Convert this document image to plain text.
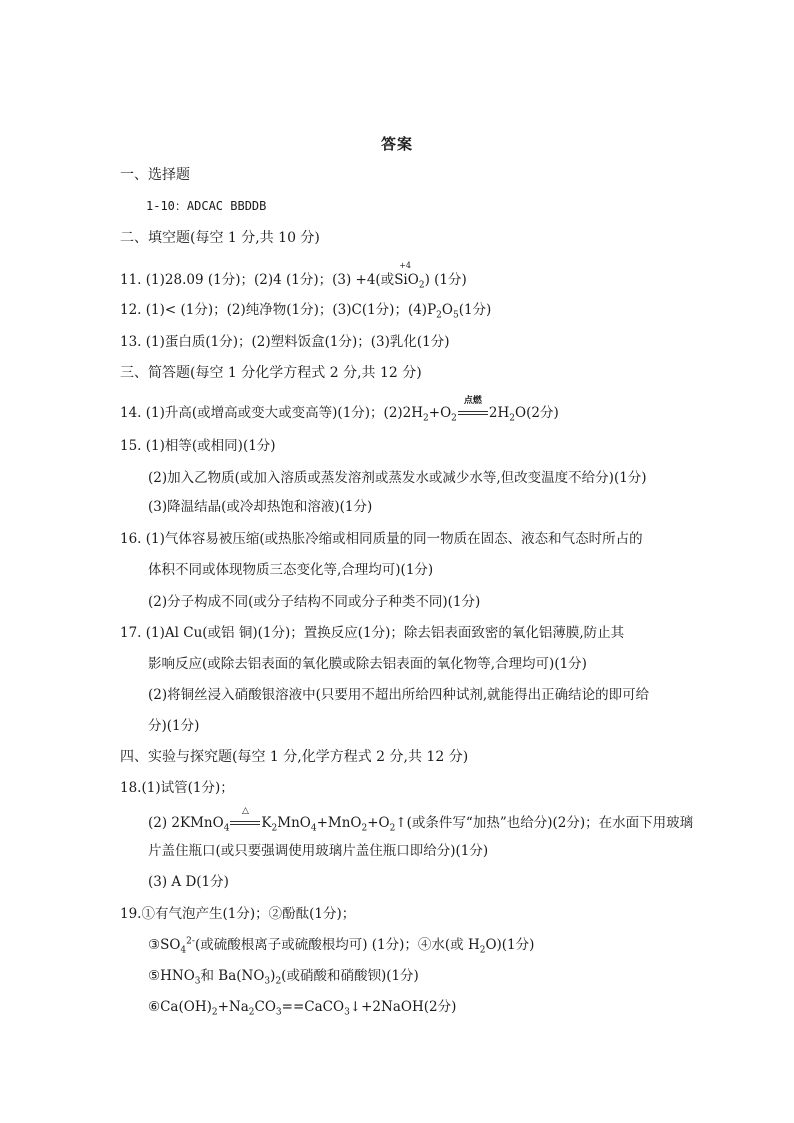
答案
一、选择题
1-10：ADCAC BBDDB
二、填空题(每空 1 分,共 10 分)
11. (1)28.09 (1分)；(2)4 (1分)；(3) +4(或
+4
SiO$_2$) (1分)
12. (1)< (1分)；(2)纯净物(1分)；(3)C(1分)；$(4)P_2O_5(1$分)
13. (1)蛋白质(1分)；(2)塑料饭盒(1分)；(3)乳化(1分)
三、简答题(每空 1 分化学方程式 2 分,共 12 分)
14. (1)升高(或增高或变大或变高等)(1分)；$(2)2H_2+O_2$
点燃
$2H_2O(2$分)
15. (1)相等(或相同)(1分)
(2)加入乙物质(或加入溶质或蒸发溶剂或蒸发水或减少水等,但改变温度不给分)(1分)
(3)降温结晶(或冷却热饱和溶液)(1分)
16. (1)气体容易被压缩(或热胀冷缩或相同质量的同一物质在固态、液态和气态时所占的
体积不同或体现物质三态变化等,合理均可)(1分)
(2)分子构成不同(或分子结构不同或分子种类不同)(1分)
17. (1)Al Cu(或铝 铜)(1分)；置换反应(1分)；除去铝表面致密的氧化铝薄膜,防止其
影响反应(或除去铝表面的氧化膜或除去铝表面的氧化物等,合理均可)(1分)
(2)将铜丝浸入硝酸银溶液中(只要用不超出所给四种试剂,就能得出正确结论的即可给
分)(1分)
四、实验与探究题(每空 1 分,化学方程式 2 分,共 12 分)
18.(1)试管(1分)；
(2) 2KMnO$_4$
△
$K_2MnO_4+MnO_2+O_2↑$(或条件写“加热”也给分)(2分)；在水面下用玻璃
片盖住瓶口(或只要强调使用玻璃片盖住瓶口即给分)(1分)
(3) A D(1分)
19.①有气泡产生(1分)；②酚酞(1分)；
$③SO_4^{2-}$(或硫酸根离子或硫酸根均可) (1分)；④水(或 $H_2O)(1$分)
$⑤HNO_3$和 $Ba(NO_3)_2$(或硝酸和硝酸钡)(1分)
$⑥Ca(OH)_2+Na_2CO_3==CaCO_3↓+2NaOH(2$分)
